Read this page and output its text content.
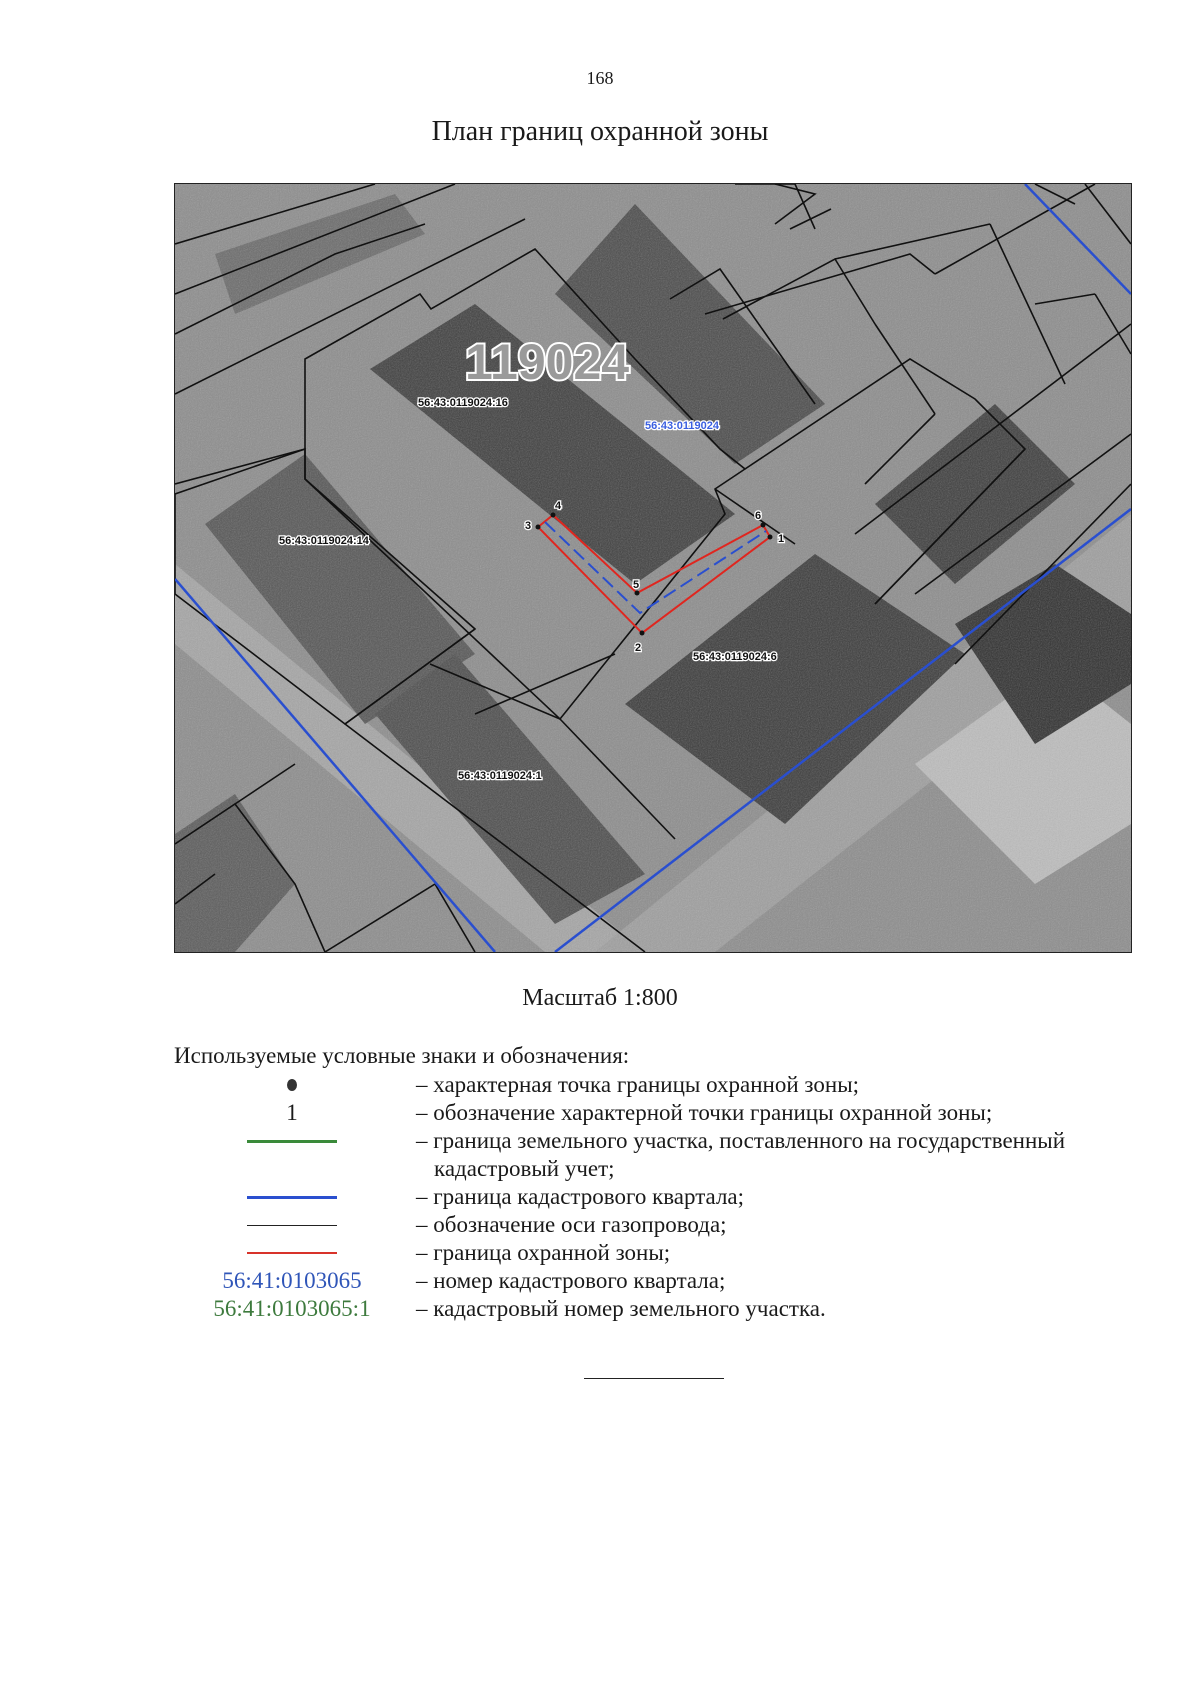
168
План границ охранной зоны
1
2
3
4
5
6
119024
56:43:0119024
56:43:0119024:16
56:43:0119024:14
56:43:0119024:6
56:43:0119024:1
Масштаб 1:800
Используемые условные знаки и обозначения:
– характерная точка границы охранной зоны;
1	– обозначение характерной точки границы охранной зоны;
– граница земельного участка, поставленного на государственный
кадастровый учет;
– граница кадастрового квартала;
– обозначение оси газопровода;
– граница охранной зоны;
56:41:0103065	– номер кадастрового квартала;
56:41:0103065:1	– кадастровый номер земельного участка.
